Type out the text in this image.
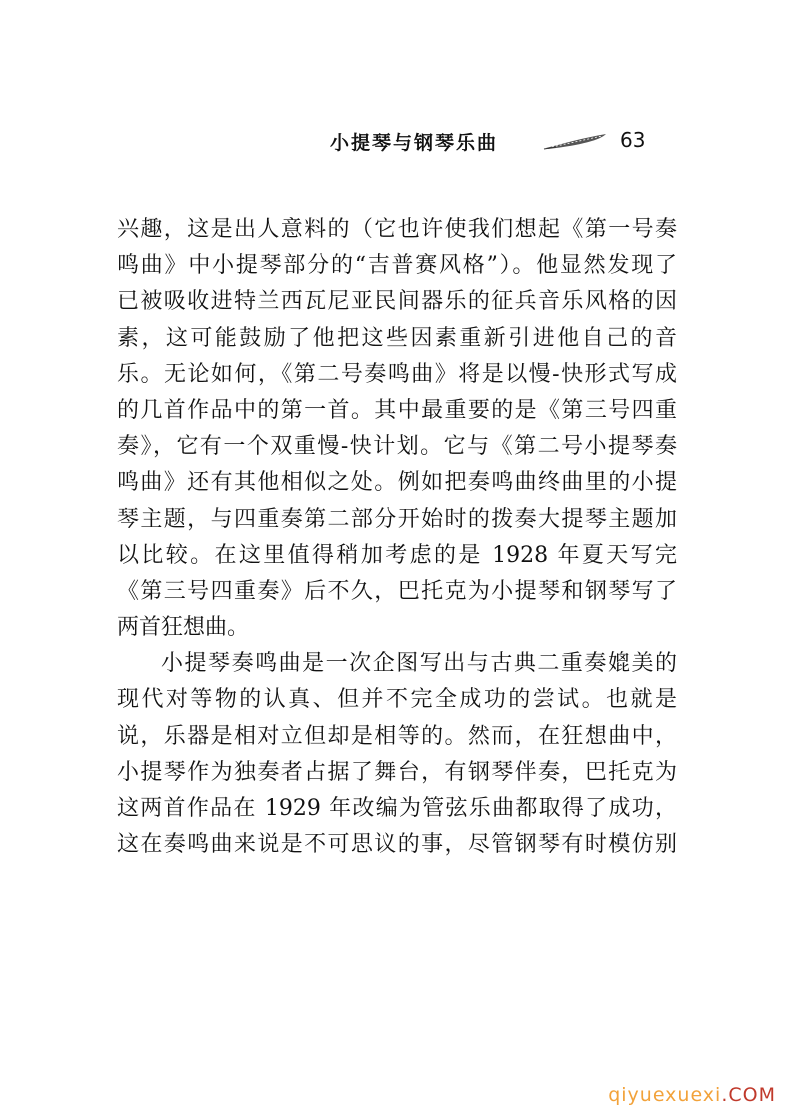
小提琴与钢琴乐曲	63
兴趣，这是出人意料的（它也许使我们想起《第一号奏
鸣曲》中小提琴部分的“吉普赛风格”）。他显然发现了
已被吸收进特兰西瓦尼亚民间器乐的征兵音乐风格的因
素，这可能鼓励了他把这些因素重新引进他自己的音
乐。无论如何，《第二号奏鸣曲》将是以慢-快形式写成
的几首作品中的第一首。其中最重要的是《第三号四重
奏》，它有一个双重慢-快计划。它与《第二号小提琴奏
鸣曲》还有其他相似之处。例如把奏鸣曲终曲里的小提
琴主题，与四重奏第二部分开始时的拨奏大提琴主题加
以比较。在这里值得稍加考虑的是 1928 年夏天写完
《第三号四重奏》后不久，巴托克为小提琴和钢琴写了
两首狂想曲。
小提琴奏鸣曲是一次企图写出与古典二重奏媲美的
现代对等物的认真、但并不完全成功的尝试。也就是
说，乐器是相对立但却是相等的。然而，在狂想曲中，
小提琴作为独奏者占据了舞台，有钢琴伴奏，巴托克为
这两首作品在 1929 年改编为管弦乐曲都取得了成功，
这在奏鸣曲来说是不可思议的事，尽管钢琴有时模仿别
qiyuexuexi.COM
